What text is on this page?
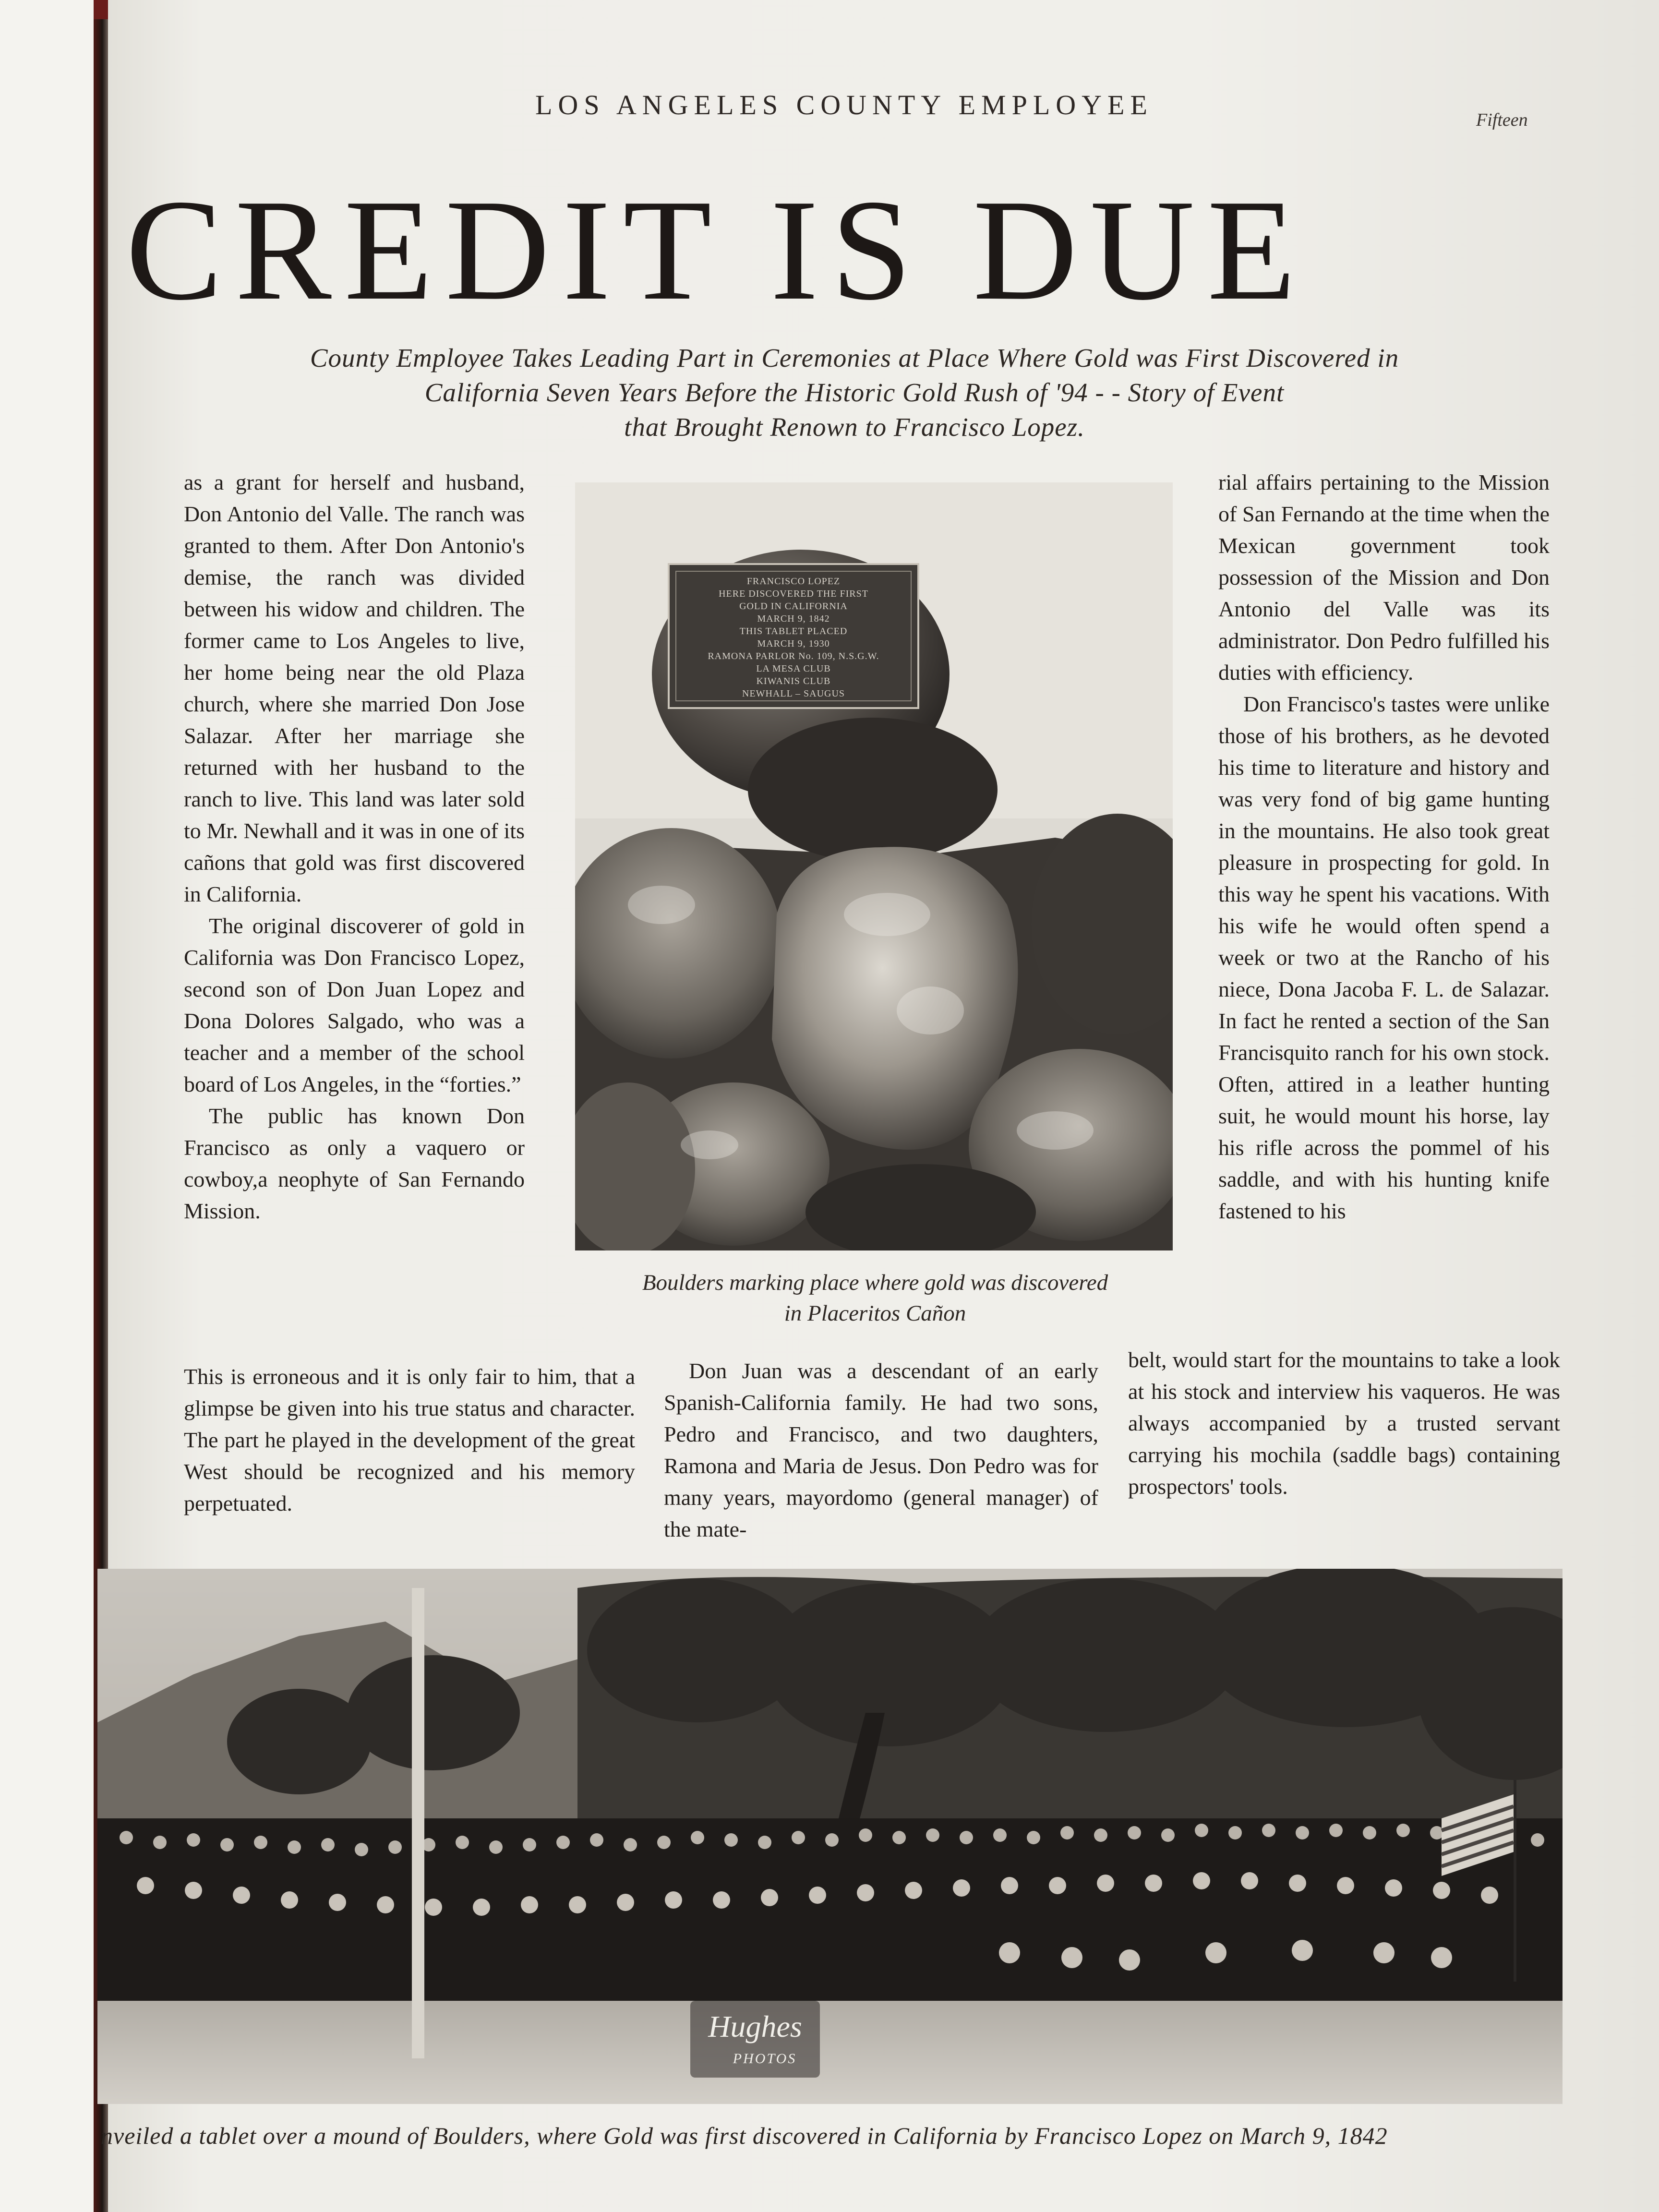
LOS ANGELES COUNTY EMPLOYEE	Fifteen
CREDIT IS DUE
County Employee Takes Leading Part in Ceremonies at Place Where Gold was First Discovered in
California Seven Years Before the Historic Gold Rush of '94 - - Story of Event
that Brought Renown to Francisco Lopez.

as a grant for herself and husband, Don Antonio del Valle. The ranch was granted to them. After Don Antonio's demise, the ranch was divided between his widow and children. The former came to Los Angeles to live, her home being near the old Plaza church, where she married Don Jose Salazar. After her marriage she returned with her husband to the ranch to live. This land was later sold to Mr. Newhall and it was in one of its cañons that gold was first discovered in California.

The original discoverer of gold in California was Don Francisco Lopez, second son of Don Juan Lopez and Dona Dolores Salgado, who was a teacher and a member of the school board of Los Angeles, in the “forties.”

The public has known Don Francisco as only a vaquero or cowboy,a neophyte of San Fernando Mission.

This is erroneous and it is only fair to him, that a glimpse be given into his true status and character. The part he played in the development of the great West should be recognized and his memory perpetuated.

FRANCISCO LOPEZ
HERE DISCOVERED THE FIRST
GOLD IN CALIFORNIA
MARCH 9, 1842
THIS TABLET PLACED
MARCH 9, 1930
RAMONA PARLOR No. 109, N.S.G.W.
LA MESA CLUB
KIWANIS CLUB
NEWHALL – SAUGUS
Boulders marking place where gold was discovered
in Placeritos Cañon

Don Juan was a descendant of an early Spanish-California family. He had two sons, Pedro and Francisco, and two daughters, Ramona and Maria de Jesus. Don Pedro was for many years, mayordomo (general manager) of the mate-

rial affairs pertaining to the Mission of San Fernando at the time when the Mexican government took possession of the Mission and Don Antonio del Valle was its administrator. Don Pedro fulfilled his duties with efficiency.

Don Francisco's tastes were unlike those of his brothers, as he devoted his time to literature and history and was very fond of big game hunting in the mountains. He also took great pleasure in prospecting for gold. In this way he spent his vacations. With his wife he would often spend a week or two at the Rancho of his niece, Dona Jacoba F. L. de Salazar. In fact he rented a section of the San Francisquito ranch for his own stock. Often, attired in a leather hunting suit, he would mount his horse, lay his rifle across the pommel of his saddle, and with his hunting knife fastened to his

belt, would start for the mountains to take a look at his stock and interview his vaqueros. He was always accompanied by a trusted servant carrying his mochila (saddle bags) containing prospectors' tools.

Hughes
PHOTOS
nveiled a tablet over a mound of Boulders, where Gold was first discovered in California by Francisco Lopez on March 9, 1842
